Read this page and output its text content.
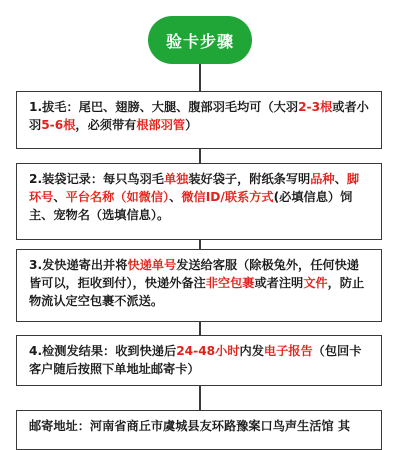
验卡步骤
1.拔毛：尾巴、翅膀、大腿、腹部羽毛均可（大羽2-3根或者小羽5-6根，必须带有根部羽管）
2.装袋记录：每只鸟羽毛单独装好袋子，附纸条写明品种、脚环号、平台名称（如微信）、微信ID/联系方式(必填信息）饲主、宠物名（选填信息）。
3.发快递寄出并将快递单号发送给客服（除极兔外，任何快递皆可以，拒收到付），快递外备注非空包裹或者注明文件，防止物流认定空包裹不派送。
4.检测发结果：收到快递后24-48小时内发电子报告（包回卡客户随后按照下单地址邮寄卡）
邮寄地址：河南省商丘市虞城县友环路豫案口鸟声生活馆 其
